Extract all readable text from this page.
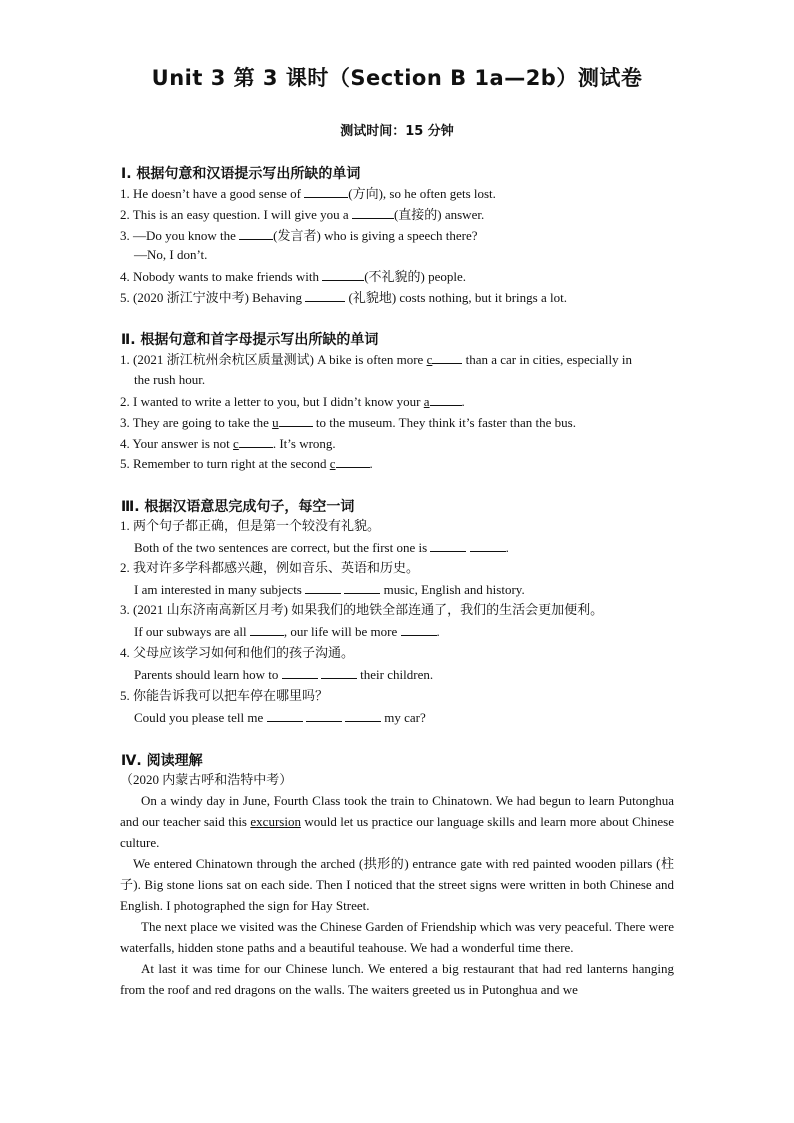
Unit 3 第 3 课时（Section B 1a—2b）测试卷
测试时间：15 分钟
Ⅰ. 根据句意和汉语提示写出所缺的单词
1. He doesn’t have a good sense of	(方向), so he often gets lost.
2. This is an easy question. I will give you a	(直接的) answer.
3. —Do you know the	(发言者) who is giving a speech there?
—No, I don’t.
4. Nobody wants to make friends with	(不礼貌的) people.
5. (2020 浙江宁波中考) Behaving	(礼貌地) costs nothing, but it brings a lot.
Ⅱ. 根据句意和首字母提示写出所缺的单词
1. (2021 浙江杭州余杭区质量测试) A bike is often more c than a car in cities, especially in
the rush hour.
2. I wanted to write a letter to you, but I didn’t know your a .
3. They are going to take the u	to the museum. They think it’s faster than the bus.
4. Your answer is not c	. It’s wrong.
5. Remember to turn right at the second c	.
Ⅲ. 根据汉语意思完成句子，每空一词
1. 两个句子都正确，但是第一个较没有礼貌。
Both of the two sentences are correct, but the first one is	.
2. 我对许多学科都感兴趣，例如音乐、英语和历史。
I am interested in many subjects	music, English and history.
3. (2021 山东济南高新区月考) 如果我们的地铁全部连通了，我们的生活会更加便利。
If our subways are all	, our life will be more	.
4. 父母应该学习如何和他们的孩子沟通。
Parents should learn how to	their children.
5. 你能告诉我可以把车停在哪里吗？
Could you please tell me	my car?
Ⅳ. 阅读理解
（2020 内蒙古呼和浩特中考）

On a windy day in June, Fourth Class took the train to Chinatown. We had begun to learn Putonghua and our teacher said this excursion would let us practice our language skills and learn more about Chinese culture.

We entered Chinatown through the arched (拱形的) entrance gate with red painted wooden pillars (柱子). Big stone lions sat on each side. Then I noticed that the street signs were written in both Chinese and English. I photographed the sign for Hay Street.

The next place we visited was the Chinese Garden of Friendship which was very peaceful. There were waterfalls, hidden stone paths and a beautiful teahouse. We had a wonderful time there.

At last it was time for our Chinese lunch. We entered a big restaurant that had red lanterns hanging from the roof and red dragons on the walls. The waiters greeted us in Putonghua and we
